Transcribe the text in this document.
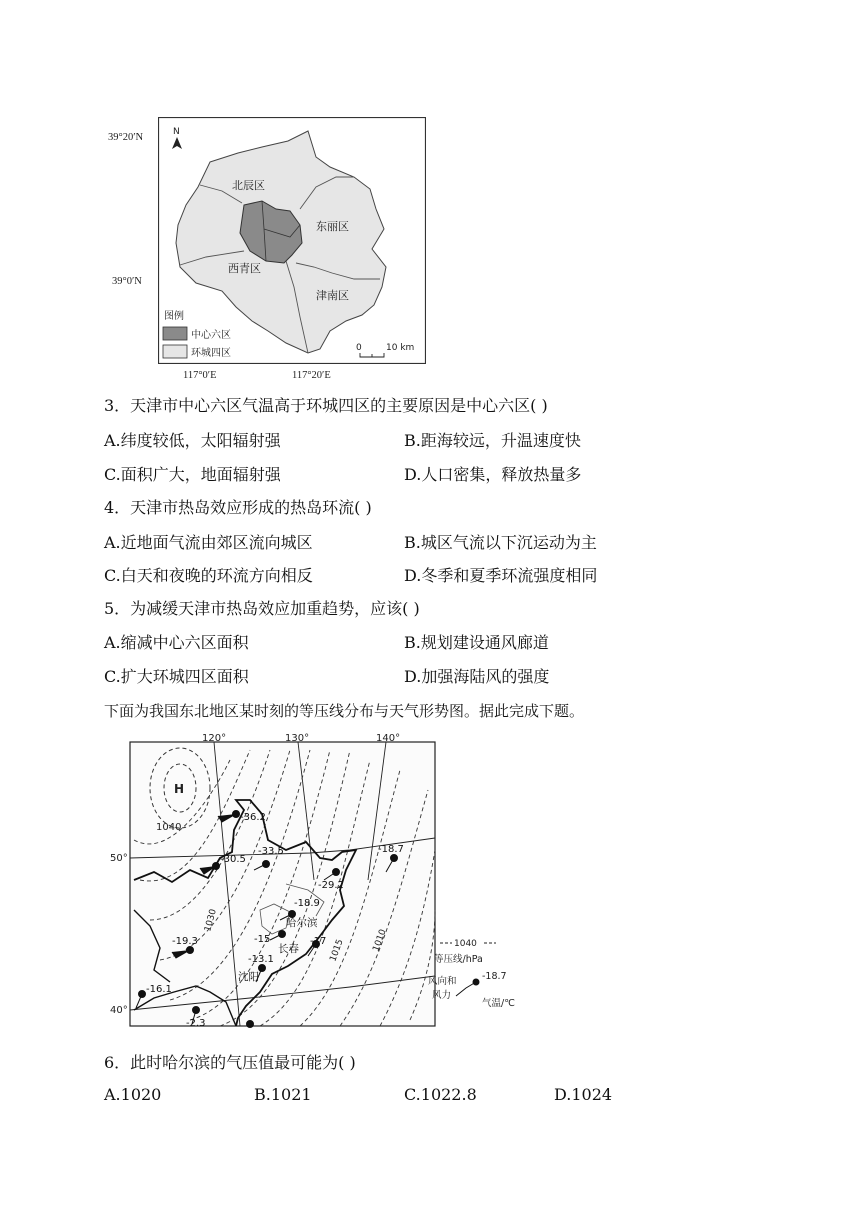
39°20′N
39°0′N
117°0′E	117°20′E
N
北辰区
东丽区
西青区
津南区
图例
中心六区
环城四区	0	10 km
3．天津市中心六区气温高于环城四区的主要原因是中心六区( )
A.纬度较低，太阳辐射强	B.距海较远，升温速度快
C.面积广大，地面辐射强	D.人口密集，释放热量多
4．天津市热岛效应形成的热岛环流( )
A.近地面气流由郊区流向城区	B.城区气流以下沉运动为主
C.白天和夜晚的环流方向相反	D.冬季和夏季环流强度相同
5．为减缓天津市热岛效应加重趋势，应该( )
A.缩减中心六区面积	B.规划建设通风廊道
C.扩大环城四区面积	D.加强海陆风的强度
下面为我国东北地区某时刻的等压线分布与天气形势图。据此完成下题。
120°	130°	140°
50°
40°
H
1040
1030
1015	1010
-36.2
-30.5
-33.5	-18.7
-29.2
-18.9
-15	-17
-19.3
-13.1
-16.1
-2.3
哈尔滨
长春
沈阳
1040
等压线/hPa
风向和
风力
-18.7
气温/℃
6．此时哈尔滨的气压值最可能为( )
A.1020	B.1021	C.1022.8	D.1024
